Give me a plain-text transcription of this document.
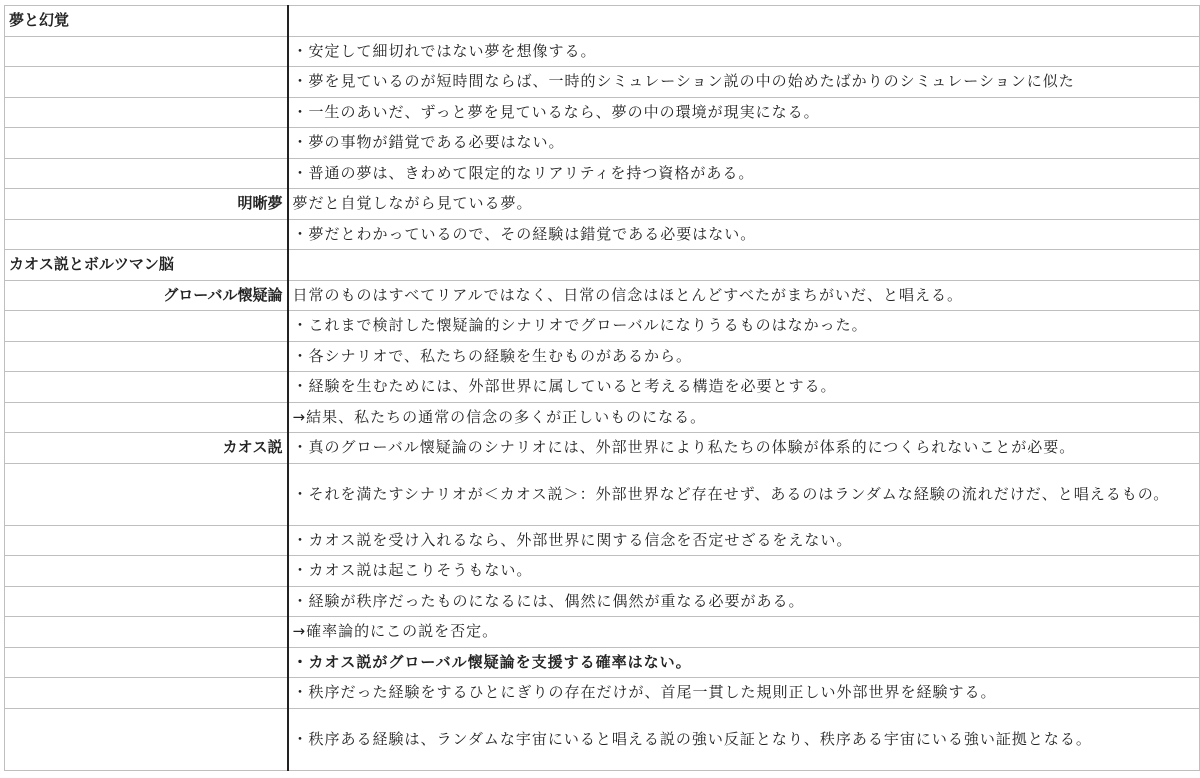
夢と幻覚	
	・安定して細切れではない夢を想像する。
	・夢を見ているのが短時間ならば、一時的シミュレーション説の中の始めたばかりのシミュレーションに似た
	・一生のあいだ、ずっと夢を見ているなら、夢の中の環境が現実になる。
	・夢の事物が錯覚である必要はない。
	・普通の夢は、きわめて限定的なリアリティを持つ資格がある。
明晰夢	夢だと自覚しながら見ている夢。
	・夢だとわかっているので、その経験は錯覚である必要はない。
カオス説とボルツマン脳	
グローバル懐疑論	日常のものはすべてリアルではなく、日常の信念はほとんどすべたがまちがいだ、と唱える。
	・これまで検討した懐疑論的シナリオでグローバルになりうるものはなかった。
	・各シナリオで、私たちの経験を生むものがあるから。
	・経験を生むためには、外部世界に属していると考える構造を必要とする。
	→結果、私たちの通常の信念の多くが正しいものになる。
カオス説	・真のグローバル懐疑論のシナリオには、外部世界により私たちの体験が体系的につくられないことが必要。
	・それを満たすシナリオが＜カオス説＞：外部世界など存在せず、あるのはランダムな経験の流れだけだ、と唱えるもの。
	・カオス説を受け入れるなら、外部世界に関する信念を否定せざるをえない。
	・カオス説は起こりそうもない。
	・経験が秩序だったものになるには、偶然に偶然が重なる必要がある。
	→確率論的にこの説を否定。
	・カオス説がグローバル懐疑論を支援する確率はない。
	・秩序だった経験をするひとにぎりの存在だけが、首尾一貫した規則正しい外部世界を経験する。
	・秩序ある経験は、ランダムな宇宙にいると唱える説の強い反証となり、秩序ある宇宙にいる強い証拠となる。
